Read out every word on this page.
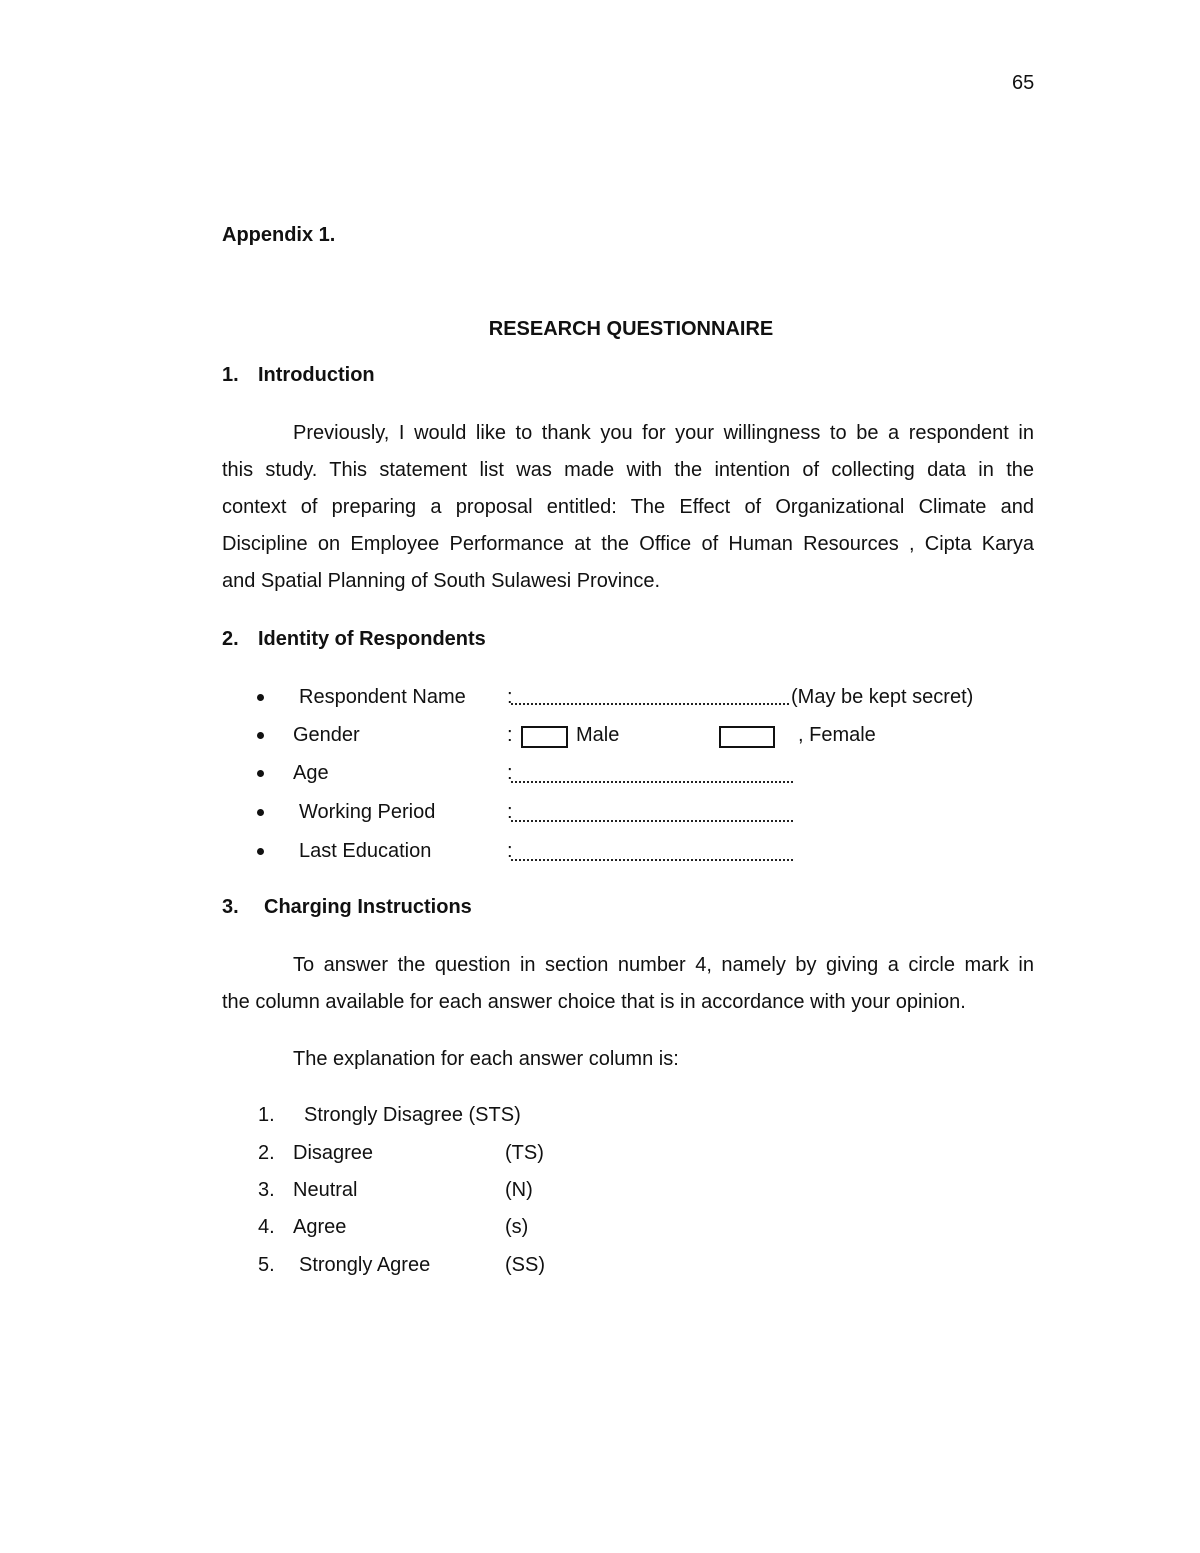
65
Appendix 1.
RESEARCH QUESTIONNAIRE
1. Introduction
Previously, I would like to thank you for your willingness to be a respondent in
this study. This statement list was made with the intention of collecting data in the
context of preparing a proposal entitled: The Effect of Organizational Climate and
Discipline on Employee Performance at the Office of Human Resources , Cipta Karya
and Spatial Planning of South Sulawesi Province.
2. Identity of Respondents
Respondent Name :	(May be kept secret)
Gender	:	Male	, Female
Age	:
Working Period	:
Last Education	:
3. Charging Instructions
To answer the question in section number 4, namely by giving a circle mark in
the column available for each answer choice that is in accordance with your opinion.
The explanation for each answer column is:
1. Strongly Disagree (STS)
2. Disagree	(TS)
3. Neutral	(N)
4. Agree	(s)
5. Strongly Agree	(SS)
